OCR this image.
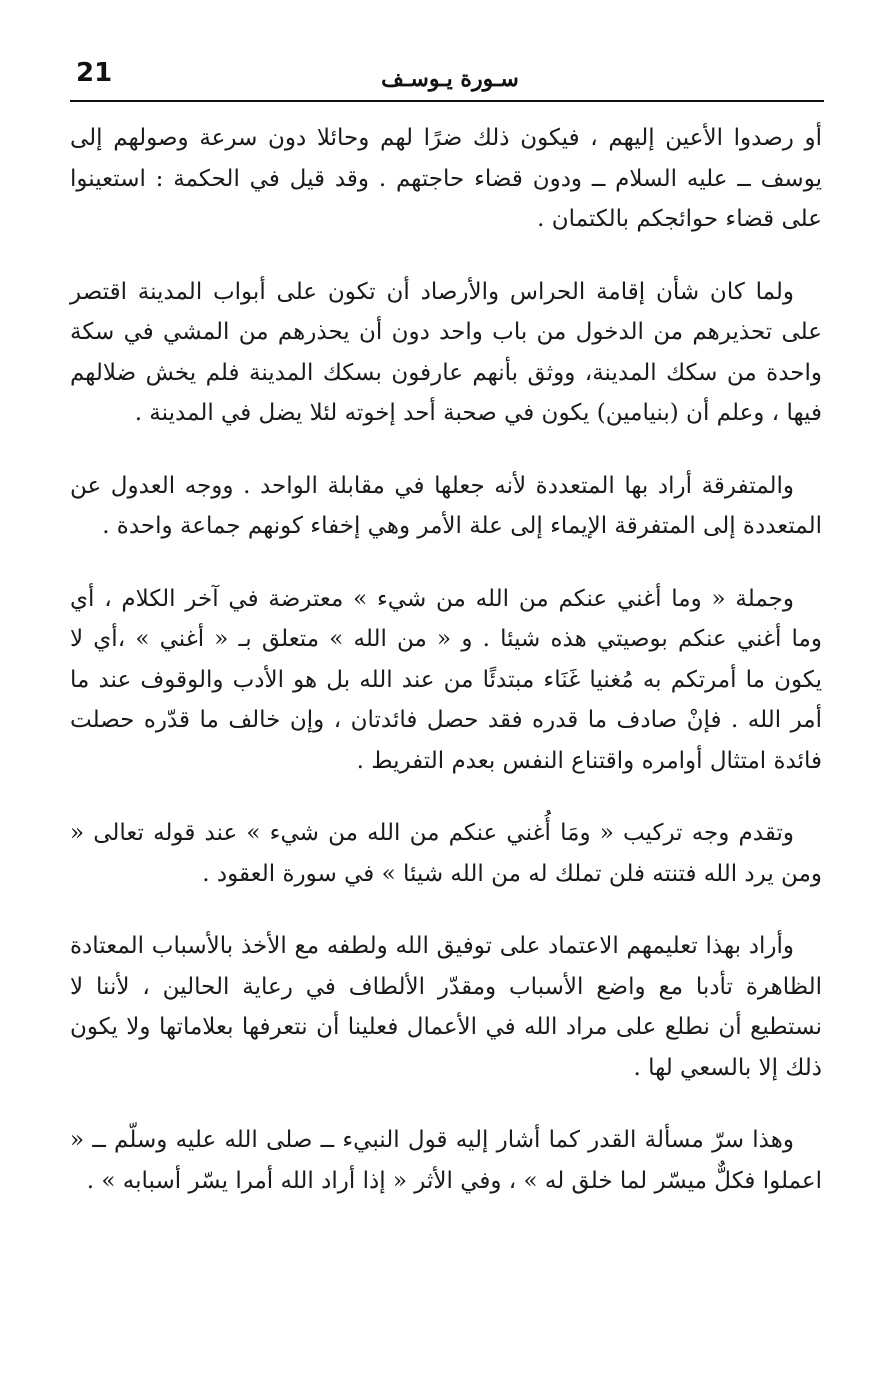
21	سـورة يـوسـف

أو رصدوا الأعين إليهم ، فيكون ذلك ضرًا لهم وحائلا دون سرعة وصولهم إلى يوسف ــ عليه السلام ــ ودون قضاء حاجتهم . وقد قيل في الحكمة : استعينوا على قضاء حوائجكم بالكتمان .

ولما كان شأن إقامة الحراس والأرصاد أن تكون على أبواب المدينة اقتصر على تحذيرهم من الدخول من باب واحد دون أن يحذرهم من المشي في سكة واحدة من سكك المدينة، ووثق بأنهم عارفون بسكك المدينة فلم يخش ضلالهم فيها ، وعلم أن (بنيامين) يكون في صحبة أحد إخوته لئلا يضل في المدينة .

والمتفرقة أراد بها المتعددة لأنه جعلها في مقابلة الواحد . ووجه العدول عن المتعددة إلى المتفرقة الإيماء إلى علة الأمر وهي إخفاء كونهم جماعة واحدة .

وجملة « وما أغني عنكم من الله من شيء » معترضة في آخر الكلام ، أي وما أغني عنكم بوصيتي هذه شيئا . و « من الله » متعلق بـ « أغني » ،أي لا يكون ما أمرتكم به مُغنيا غَنَاء مبتدئًا من عند الله بل هو الأدب والوقوف عند ما أمر الله . فإنْ صادف ما قدره فقد حصل فائدتان ، وإن خالف ما قدّره حصلت فائدة امتثال أوامره واقتناع النفس بعدم التفريط .

وتقدم وجه تركيب « ومَا أُغني عنكم من الله من شيء » عند قوله تعالى « ومن يرد الله فتنته فلن تملك له من الله شيئا » في سورة العقود .

وأراد بهذا تعليمهم الاعتماد على توفيق الله ولطفه مع الأخذ بالأسباب المعتادة الظاهرة تأدبا مع واضع الأسباب ومقدّر الألطاف في رعاية الحالين ، لأننا لا نستطيع أن نطلع على مراد الله في الأعمال فعلينا أن نتعرفها بعلاماتها ولا يكون ذلك إلا بالسعي لها .

وهذا سرّ مسألة القدر كما أشار إليه قول النبيء ــ صلى الله عليه وسلّم ــ « اعملوا فكلٌّ ميسّر لما خلق له » ، وفي الأثر « إذا أراد الله أمرا يسّر أسبابه » .
